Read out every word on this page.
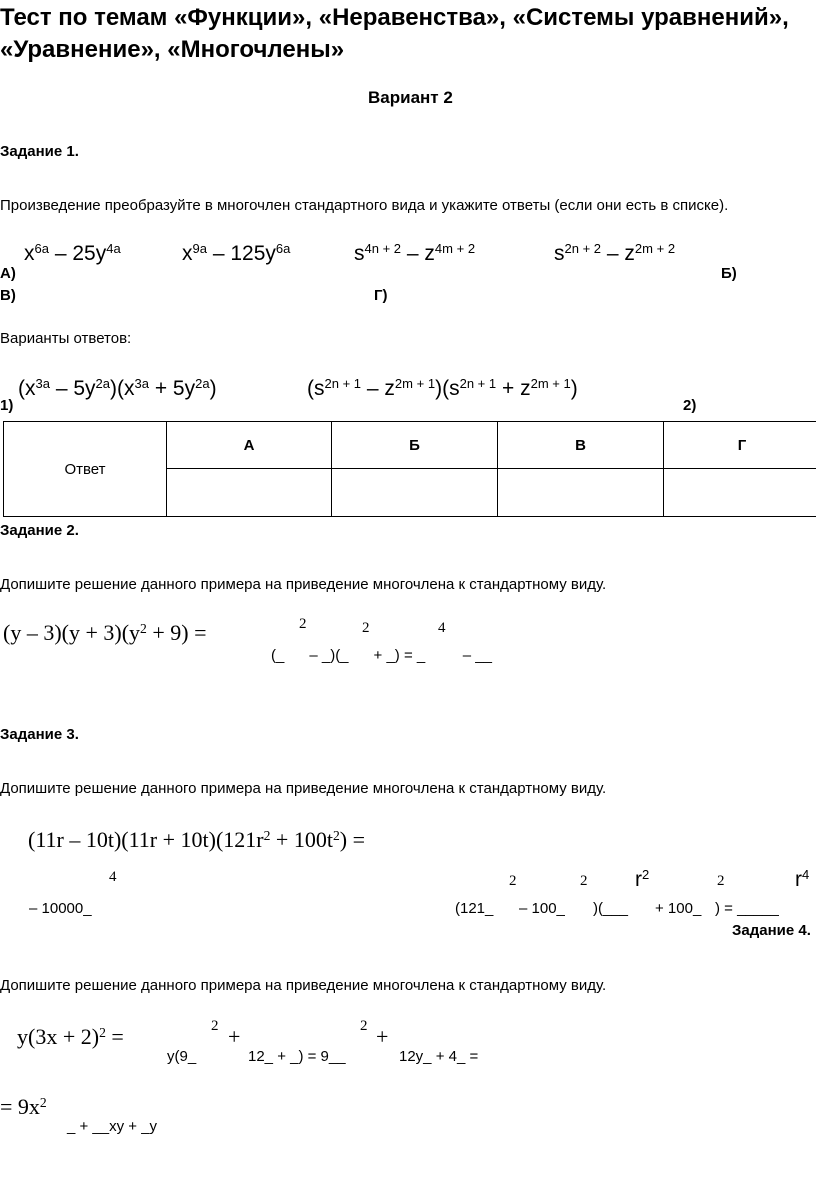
Тест по темам «Функции», «Неравенства», «Системы уравнений», «Уравнение», «Многочлены»
Вариант 2
Задание 1.
Произведение преобразуйте в многочлен стандартного вида и укажите ответы (если они есть в списке).
$x^{6a} - 25y^{4a}$	$x^{9a} - 125y^{6a}$	$s^{4n + 2} - z^{4m + 2}$	$s^{2n + 2} - z^{2m + 2}$
А)	Б)
В)	Г)
Варианты ответов:
$(x^{3a} - 5y^{2a})(x^{3a} + 5y^{2a})$	$(s^{2n + 1} - z^{2m + 1})(s^{2n + 1} + z^{2m + 1})$
1)	2)
Ответ	А	Б	В	Г

Задание 2.
Допишите решение данного примера на приведение многочлена к стандартному виду.
$(y - 3)(y + 3)(y^2 + 9)$ =	2	2	4
(_      – _)(_      + _) = _         – __
Задание 3.
Допишите решение данного примера на приведение многочлена к стандартному виду.
$(11r - 10t)(11r + 10t)(121r^2 + 100t^2)$ =
4
– 10000_
2	2 $r^2$	2	$r^4$
(121_ – 100_ )(___ + 100_ ) = _____
Задание 4.
Допишите решение данного примера на приведение многочлена к стандартному виду.
$y(3x + 2)^2$ =	2 +	2 +
y(9_	12_ + _) = 9__	12y_ + 4_ =
= $9x^2$
_ + __xy + _y
